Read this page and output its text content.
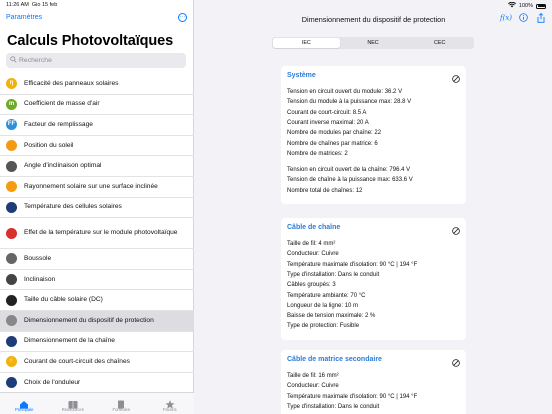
11:26 AM Gio 15 feb	100%
Paramètres	···
Calculs Photovoltaïques
Recherche
η	Efficacité des panneaux solaires
m	Coefficient de masse d'air
FF Facteur de remplissage
Position du soleil
Angle d'inclinaison optimal
Rayonnement solaire sur une surface inclinée
Température des cellules solaires
Effet de la température sur le module photovoltaïque
Boussole
Inclinaison
Taille du câble solaire (DC)
Dimensionnement du dispositif de protection
Dimensionnement de la chaîne
⚡ Courant de court-circuit des chaînes
Choix de l'onduleur
Principale	Ressources	Formules	Favoris
Dimensionnement du dispositif de protection	f(x)
IEC	NEC	CEC
Système
Tension en circuit ouvert du module: 36.2 V
Tension du module à la puissance max: 28.8 V
Courant de court-circuit: 8.5 A
Courant inverse maximal: 20 A
Nombre de modules par chaîne: 22
Nombre de chaînes par matrice: 6
Nombre de matrices: 2
Tension en circuit ouvert de la chaîne: 796.4 V
Tension de chaîne à la puissance max: 633.6 V
Nombre total de chaînes: 12
Câble de chaîne
Taille de fil: 4 mm²
Conducteur: Cuivre
Température maximale d'isolation: 90 °C | 194 °F
Type d'installation: Dans le conduit
Câbles groupés: 3
Température ambiante: 70 °C
Longueur de la ligne: 10 m
Baisse de tension maximale: 2 %
Type de protection: Fusible
Câble de matrice secondaire
Taille de fil: 16 mm²
Conducteur: Cuivre
Température maximale d'isolation: 90 °C | 194 °F
Type d'installation: Dans le conduit
